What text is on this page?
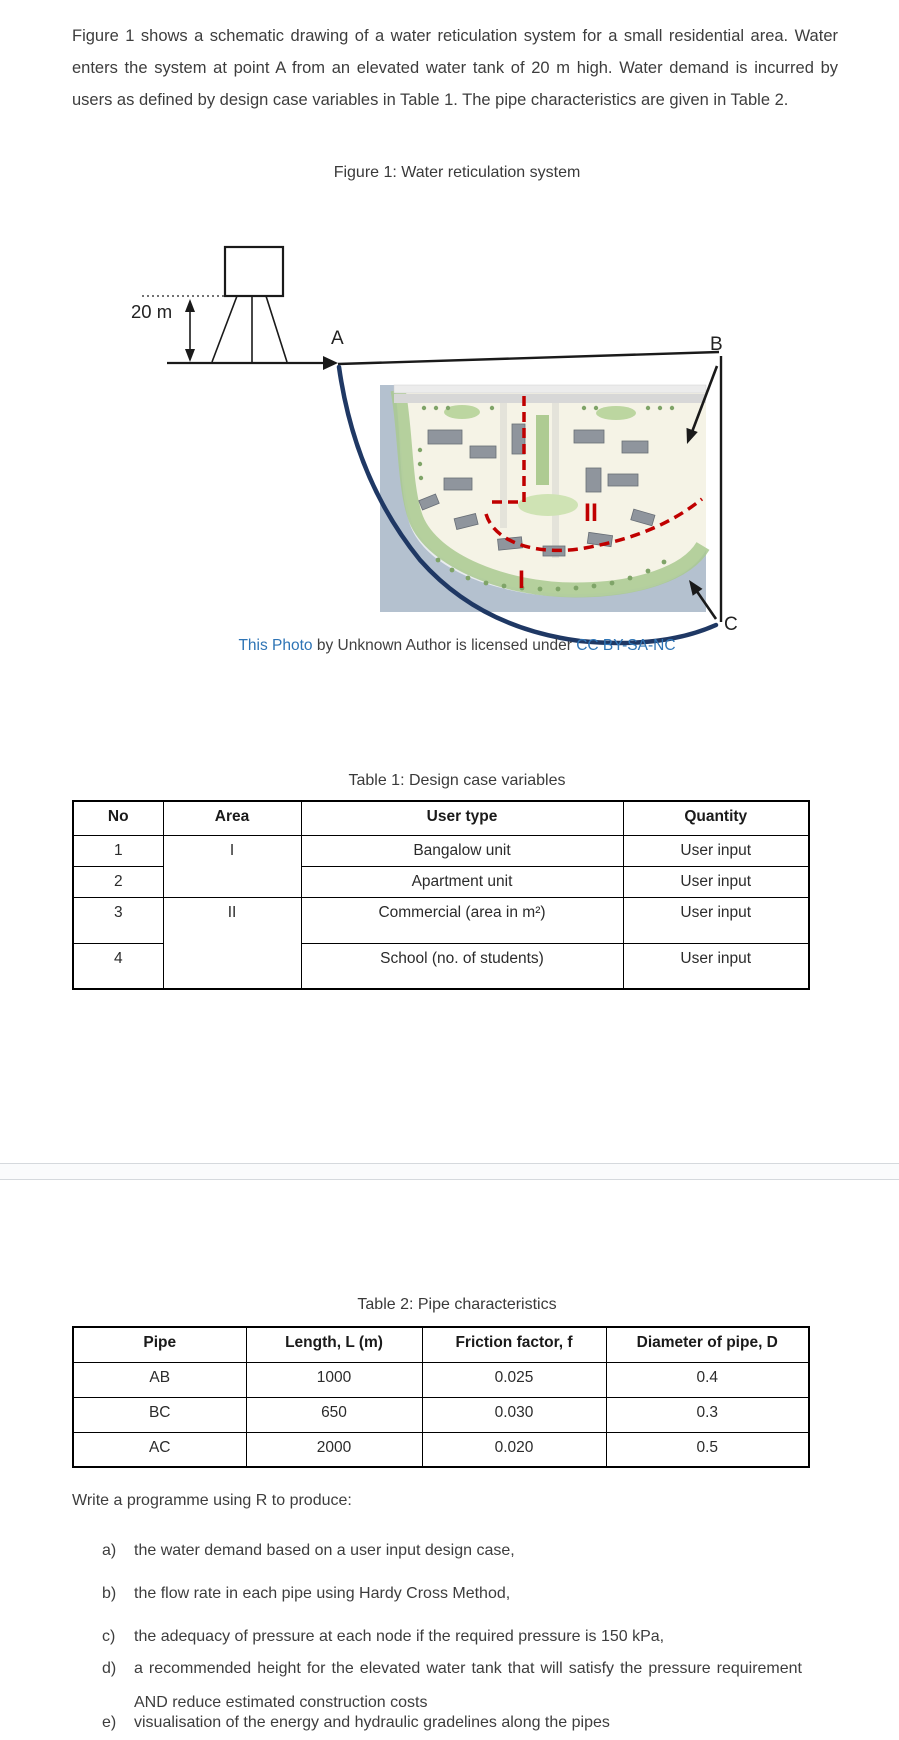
Figure 1 shows a schematic drawing of a water reticulation system for a small residential area. Water enters the system at point A from an elevated water tank of 20 m high. Water demand is incurred by users as defined by design case variables in Table 1. The pipe characteristics are given in Table 2.

Figure 1: Water reticulation system
II
I
20 m
A	B
C
This Photo by Unknown Author is licensed under CC BY-SA-NC
Table 1: Design case variables
No	Area	User type	Quantity
1	I	Bangalow unit	User input
2		Apartment unit	User input
3	II	Commercial (area in m²)	User input
4		School (no. of students)	User input
Table 2: Pipe characteristics
Pipe	Length, L (m)	Friction factor, f	Diameter of pipe, D
AB	1000	0.025	0.4
BC	650	0.030	0.3
AC	2000	0.020	0.5

Write a programme using R to produce:

a)	the water demand based on a user input design case,
b)	the flow rate in each pipe using Hardy Cross Method,
c)	the adequacy of pressure at each node if the required pressure is 150 kPa,
d)	a recommended height for the elevated water tank that will satisfy the pressure requirement AND reduce estimated construction costs
e)	visualisation of the energy and hydraulic gradelines along the pipes
